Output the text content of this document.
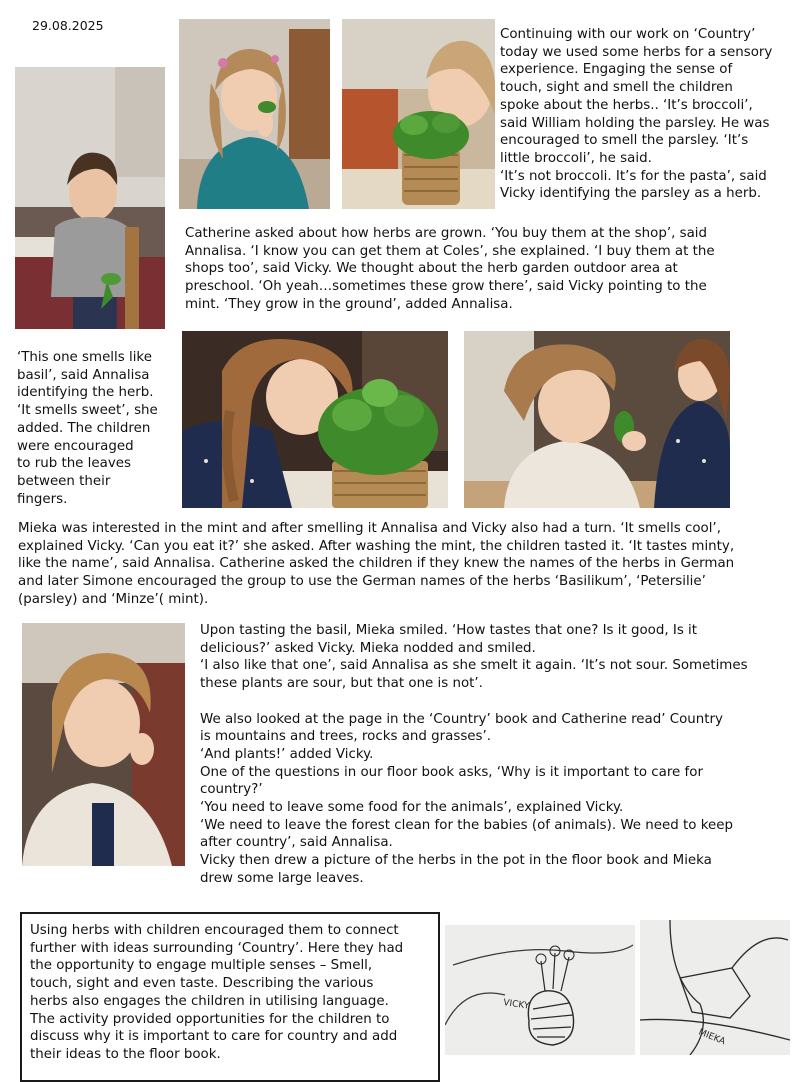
29.08.2025
Continuing with our work on ‘Country’
today we used some herbs for a sensory
experience. Engaging the sense of
touch, sight and smell the children
spoke about the herbs.. ‘It’s broccoli’,
said William holding the parsley. He was
encouraged to smell the parsley. ‘It’s
little broccoli’, he said.
‘It’s not broccoli. It’s for the pasta’, said
Vicky identifying the parsley as a herb.
Catherine asked about how herbs are grown. ‘You buy them at the shop’, said
Annalisa. ‘I know you can get them at Coles’, she explained. ‘I buy them at the
shops too’, said Vicky. We thought about the herb garden outdoor area at
preschool. ‘Oh yeah…sometimes these grow there’, said Vicky pointing to the
mint. ‘They grow in the ground’, added Annalisa.
‘This one smells like
basil’, said Annalisa
identifying the herb.
‘It smells sweet’, she
added. The children
were encouraged
to rub the leaves
between their
fingers.
Mieka was interested in the mint and after smelling it Annalisa and Vicky also had a turn. ‘It smells cool’,
explained Vicky. ‘Can you eat it?’ she asked. After washing the mint, the children tasted it. ‘It tastes minty,
like the name’, said Annalisa. Catherine asked the children if they knew the names of the herbs in German
and later Simone encouraged the group to use the German names of the herbs ‘Basilikum’, ‘Petersilie’
(parsley) and ‘Minze’( mint).
Upon tasting the basil, Mieka smiled. ‘How tastes that one? Is it good, Is it
delicious?’ asked Vicky. Mieka nodded and smiled.
‘I also like that one’, said Annalisa as she smelt it again. ‘It’s not sour. Sometimes
these plants are sour, but that one is not’.

We also looked at the page in the ‘Country’ book and Catherine read’ Country
is mountains and trees, rocks and grasses’.
‘And plants!’ added Vicky.
One of the questions in our floor book asks, ‘Why is it important to care for
country?’
‘You need to leave some food for the animals’, explained Vicky.
‘We need to leave the forest clean for the babies (of animals). We need to keep
after country’, said Annalisa.
Vicky then drew a picture of the herbs in the pot in the floor book and Mieka
drew some large leaves.
Using herbs with children encouraged them to connect
further with ideas surrounding ‘Country’. Here they had
the opportunity to engage multiple senses – Smell,
touch, sight and even taste. Describing the various
herbs also engages the children in utilising language.
The activity provided opportunities for the children to
discuss why it is important to care for country and add
their ideas to the floor book.
VICKY
MIEKA
